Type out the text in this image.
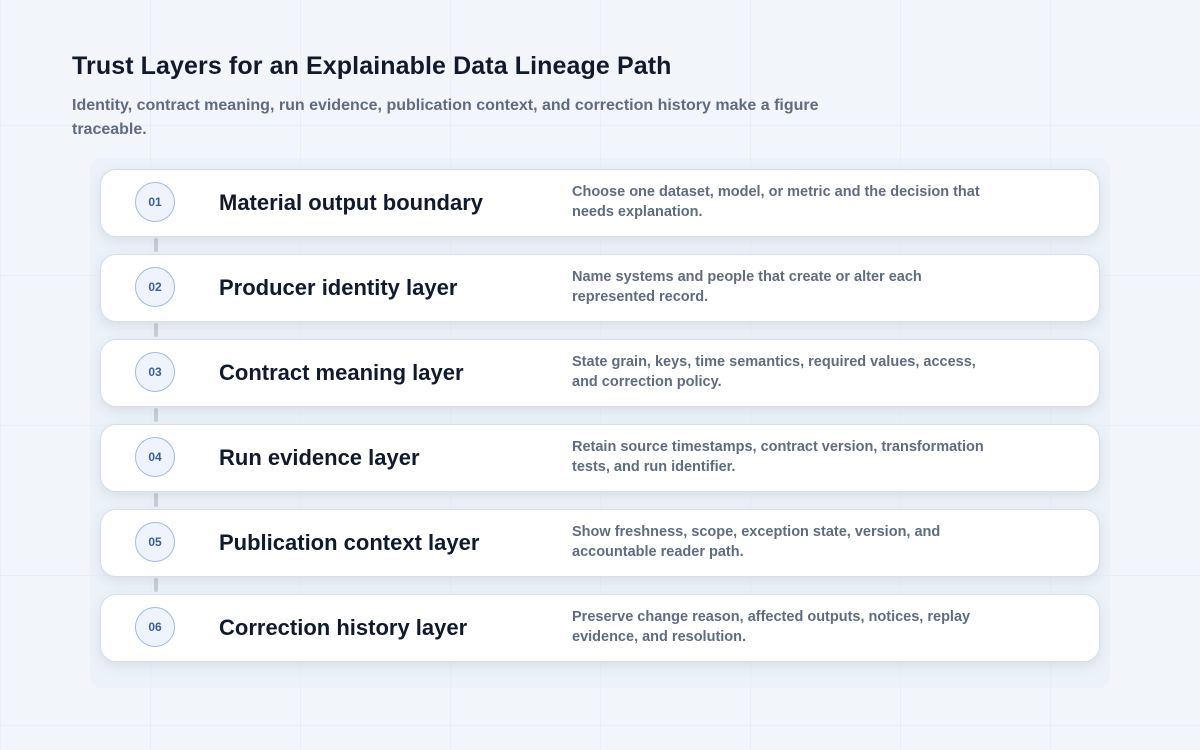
Trust Layers for an Explainable Data Lineage Path

Identity, contract meaning, run evidence, publication context, and correction history make a figure traceable.

01	Material output boundary	Choose one dataset, model, or metric and the decision that needs explanation.
02	Producer identity layer	Name systems and people that create or alter each represented record.
03	Contract meaning layer	State grain, keys, time semantics, required values, access, and correction policy.
04	Run evidence layer	Retain source timestamps, contract version, transformation tests, and run identifier.
05	Publication context layer	Show freshness, scope, exception state, version, and accountable reader path.
06	Correction history layer	Preserve change reason, affected outputs, notices, replay evidence, and resolution.
